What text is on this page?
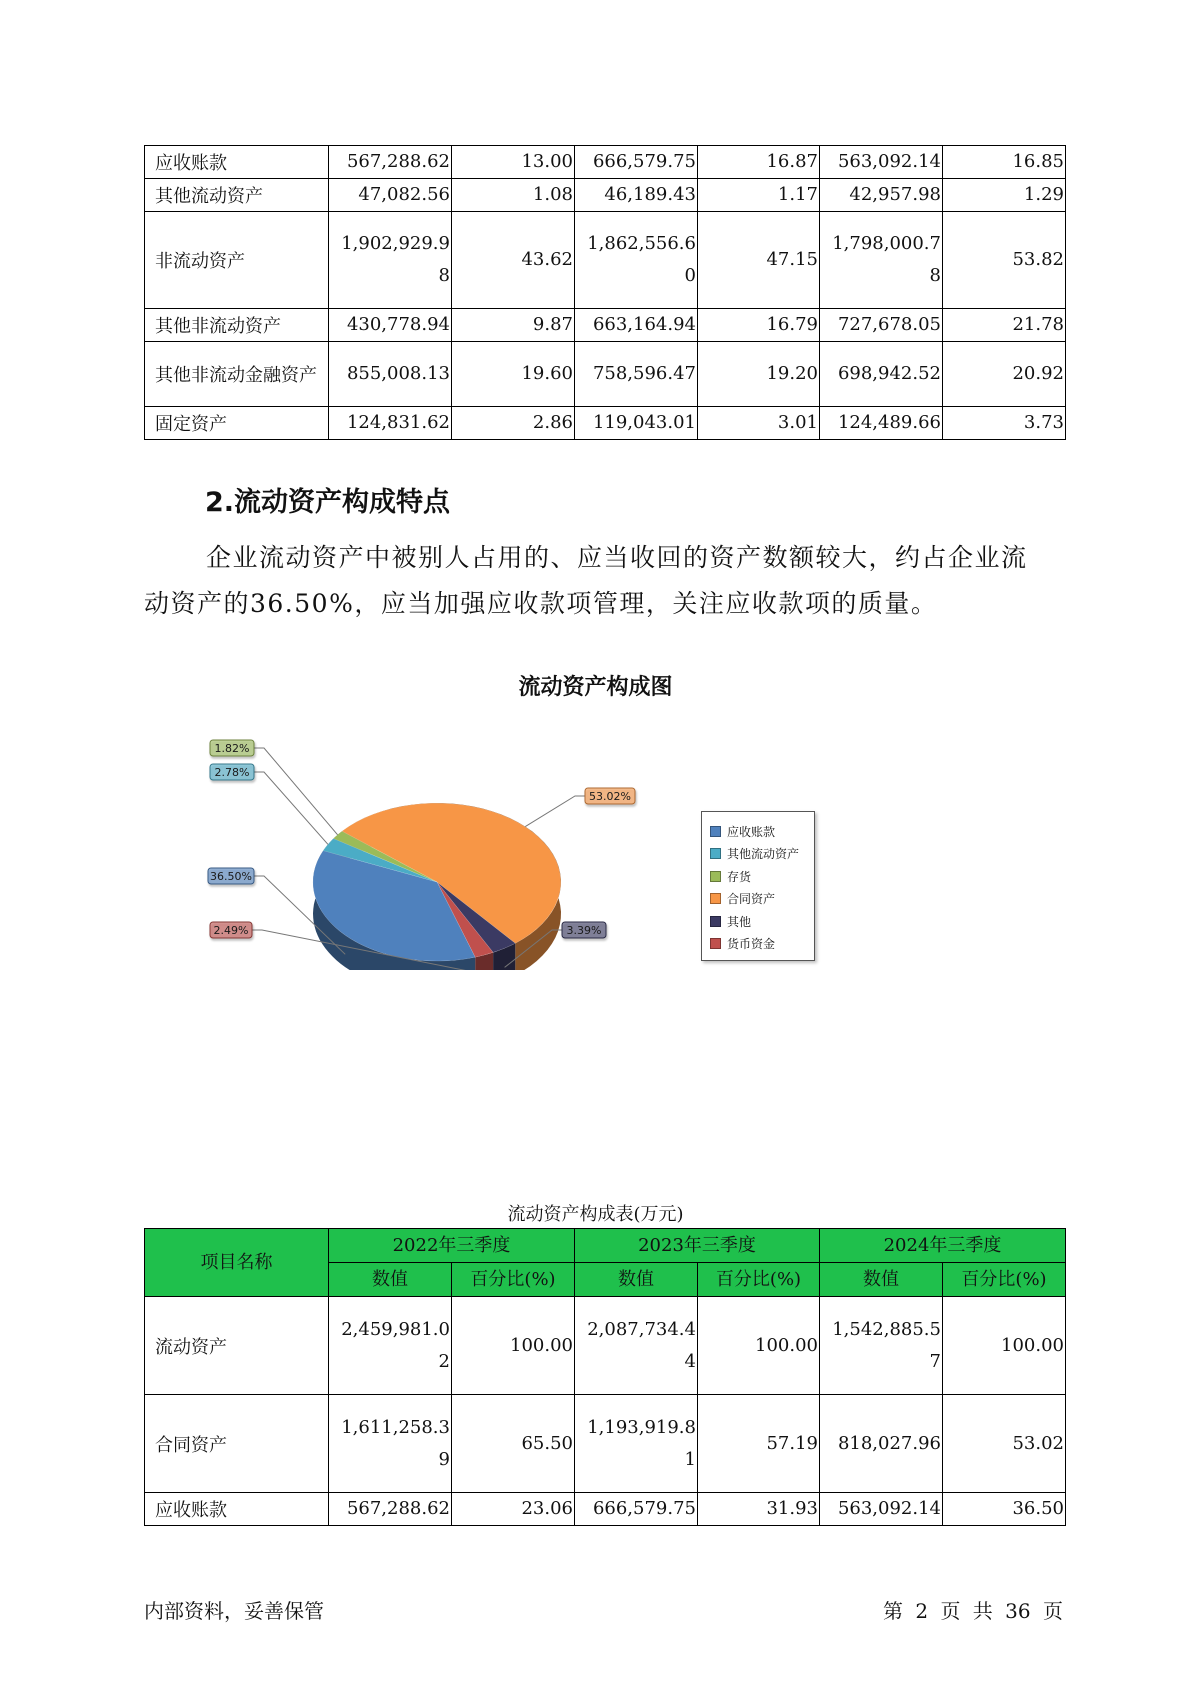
应收账款	567,288.62	13.00	666,579.75	16.87	563,092.14	16.85
其他流动资产	47,082.56	1.08	46,189.43	1.17	42,957.98	1.29
非流动资产	1,902,929.98	43.62	1,862,556.60	47.15	1,798,000.78	53.82
其他非流动资产	430,778.94	9.87	663,164.94	16.79	727,678.05	21.78
其他非流动金融资产	855,008.13	19.60	758,596.47	19.20	698,942.52	20.92
固定资产	124,831.62	2.86	119,043.01	3.01	124,489.66	3.73
2.流动资产构成特点

企业流动资产中被别人占用的、应当收回的资产数额较大，约占企业流动资产的36.50%，应当加强应收款项管理，关注应收款项的质量。

流动资产构成图
53.02%
3.39%
2.49%
36.50%
2.78%
1.82%
应收账款
其他流动资产
存货
合同资产
其他
货币资金
流动资产构成表(万元)
项目名称	2022年三季度		2023年三季度		2024年三季度	
	数值	百分比(%)	数值	百分比(%)	数值	百分比(%)
流动资产	2,459,981.02	100.00	2,087,734.44	100.00	1,542,885.57	100.00
合同资产	1,611,258.39	65.50	1,193,919.81	57.19	818,027.96	53.02
应收账款	567,288.62	23.06	666,579.75	31.93	563,092.14	36.50
内部资料，妥善保管	第 2 页 共 36 页
